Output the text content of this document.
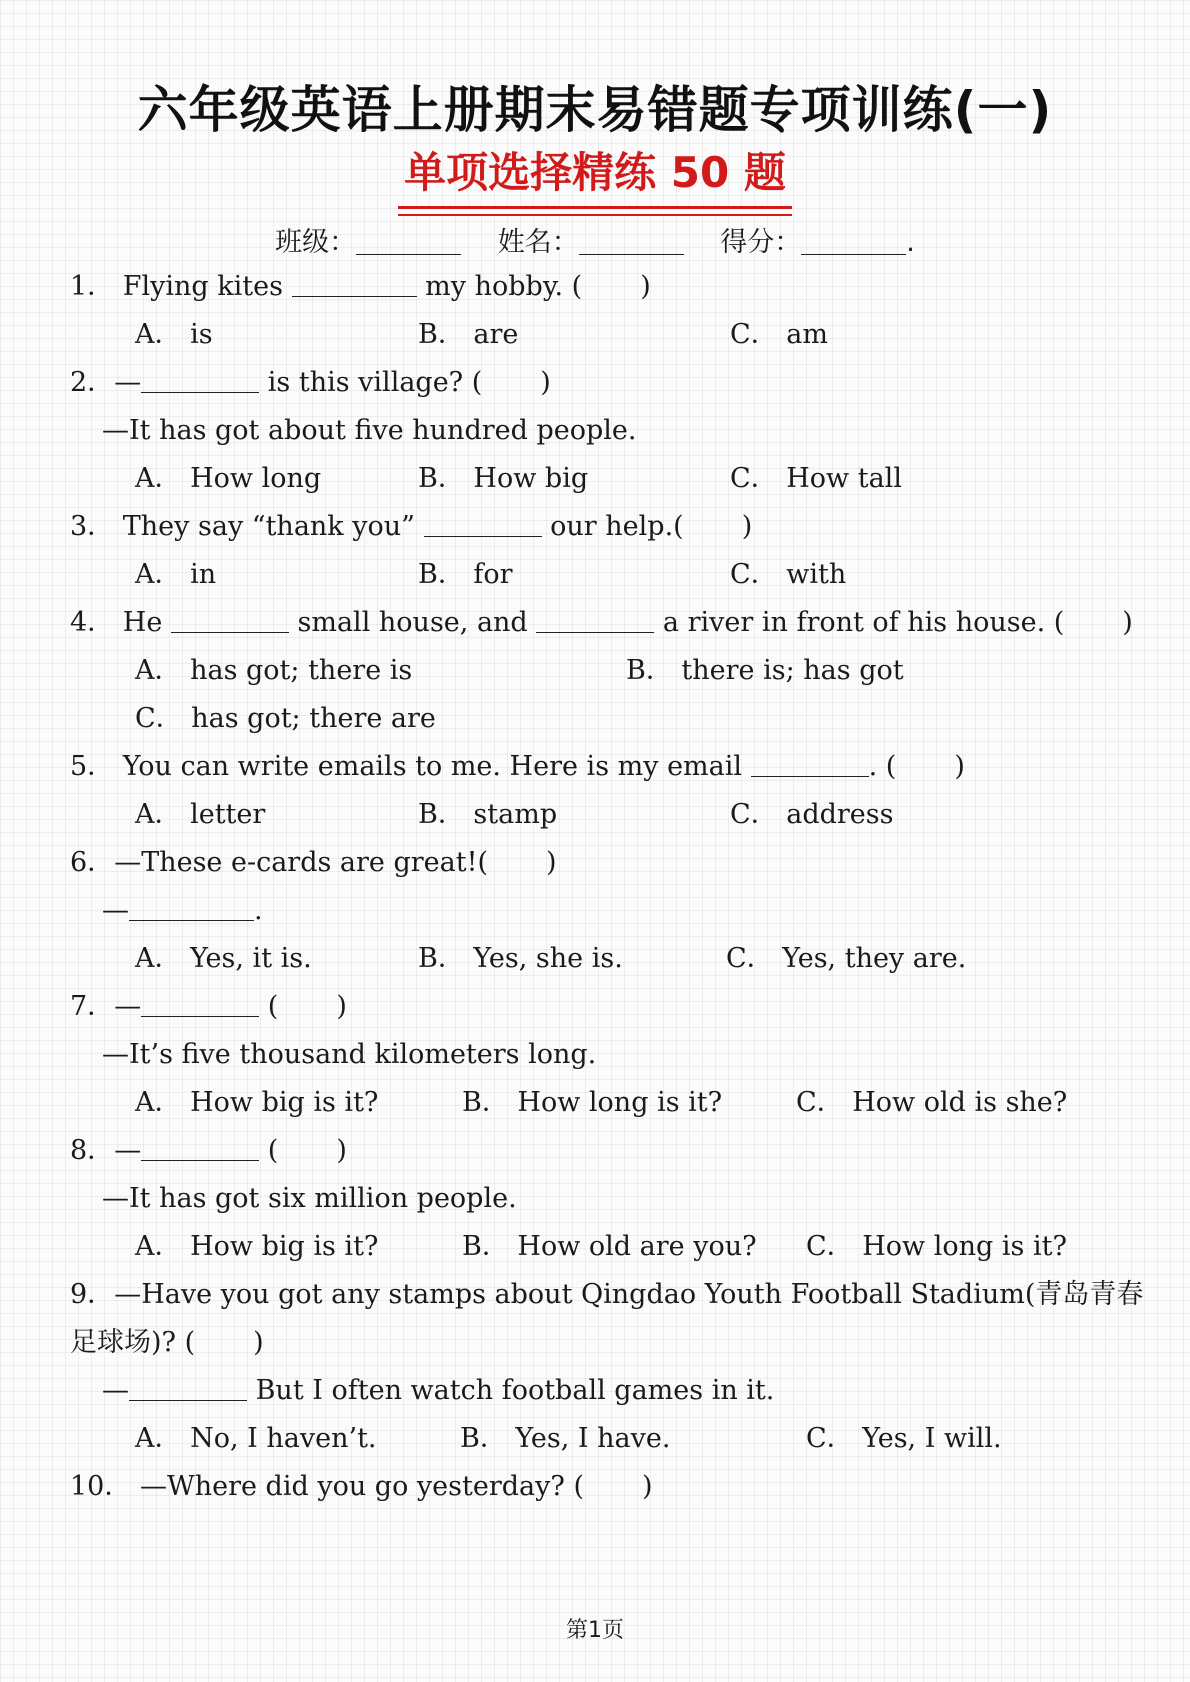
六年级英语上册期末易错题专项训练(一)
单项选择精练 50 题
班级：	姓名：	得分：	.
1． Flying kites	my hobby. ( )
A． is	B． are	C． am
2．—	is this village? ( )
—It has got about five hundred people.
A． How long	B． How big	C． How tall
3． They say “thank you”	our help.( )
A． in	B． for	C． with
4． He	small house, and	a river in front of his house. ( )
A． has got; there is	B． there is; has got
C． has got; there are
5． You can write emails to me. Here is my email	. ( )
A． letter	B． stamp	C． address
6．—These e-cards are great!( )
—	.
A． Yes, it is.	B． Yes, she is.	C． Yes, they are.
7．—	( )
—It’s five thousand kilometers long.
A． How big is it?	B． How long is it?	C． How old is she?
8．—	( )
—It has got six million people.
A． How big is it?	B． How old are you? C． How long is it?
9．—Have you got any stamps about Qingdao Youth Football Stadium(青岛青春
足球场)? ( )
—	But I often watch football games in it.
A． No, I haven’t.	B． Yes, I have.	C． Yes, I will.
10． —Where did you go yesterday? ( )
第1页
